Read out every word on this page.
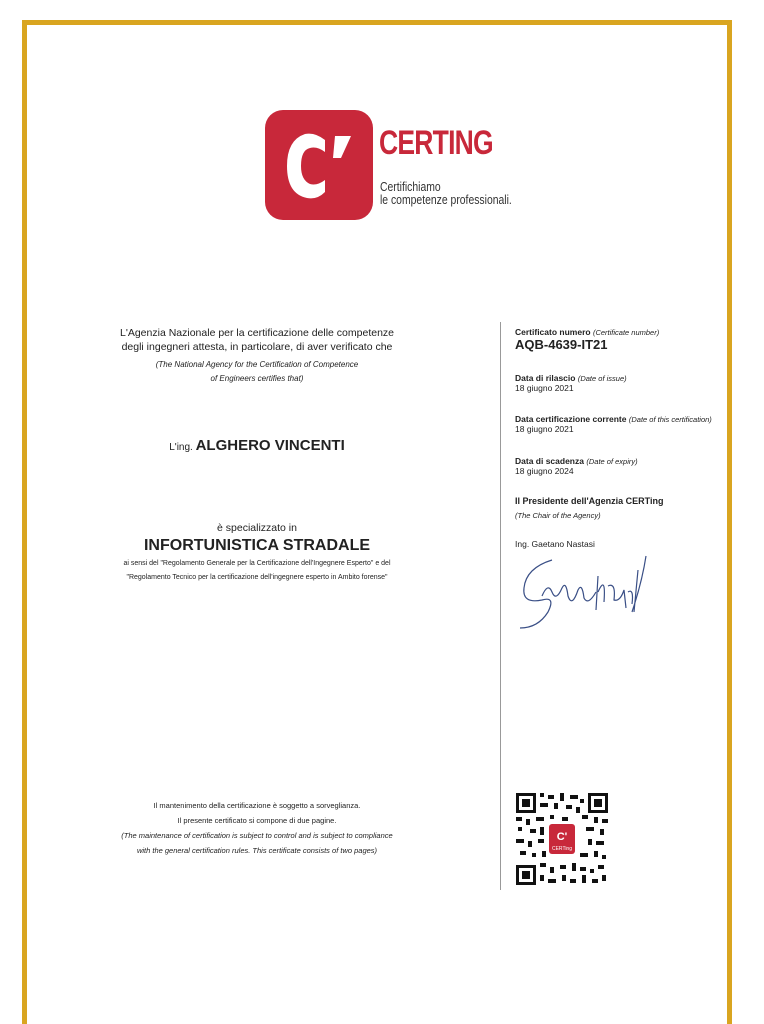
CERTING
Certifichiamo
le competenze professionali.
L'Agenzia Nazionale per la certificazione delle competenze
degli ingegneri attesta, in particolare, di aver verificato che
(The National Agency for the Certification of Competence
of Engineers certifies that)
L'ing. ALGHERO VINCENTI
è specializzato in
INFORTUNISTICA STRADALE
ai sensi del "Regolamento Generale per la Certificazione dell'Ingegnere Esperto" e del
"Regolamento Tecnico per la certificazione dell'ingegnere esperto in Ambito forense"
Il mantenimento della certificazione è soggetto a sorveglianza.
Il presente certificato si compone di due pagine.
(The maintenance of certification is subject to control and is subject to compliance
with the general certification rules. This certificate consists of two pages)
Certificato numero (Certificate number)
AQB-4639-IT21
Data di rilascio (Date of issue)
18 giugno 2021
Data certificazione corrente (Date of this certification)
18 giugno 2021
Data di scadenza (Date of expiry)
18 giugno 2024
Il Presidente dell'Agenzia CERTing
(The Chair of the Agency)
Ing. Gaetano Nastasi
C'
CERTing
